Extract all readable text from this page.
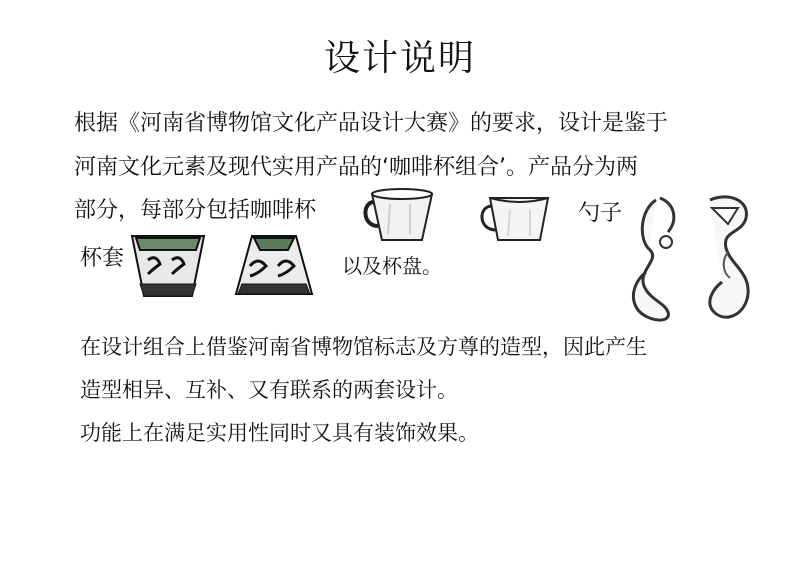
设计说明
根据《河南省博物馆文化产品设计大赛》的要求，设计是鉴于
河南文化元素及现代实用产品的‘咖啡杯组合’。产品分为两
部分，每部分包括咖啡杯	勺子
杯套	以及杯盘。
在设计组合上借鉴河南省博物馆标志及方尊的造型，因此产生
造型相异、互补、又有联系的两套设计。
功能上在满足实用性同时又具有装饰效果。
